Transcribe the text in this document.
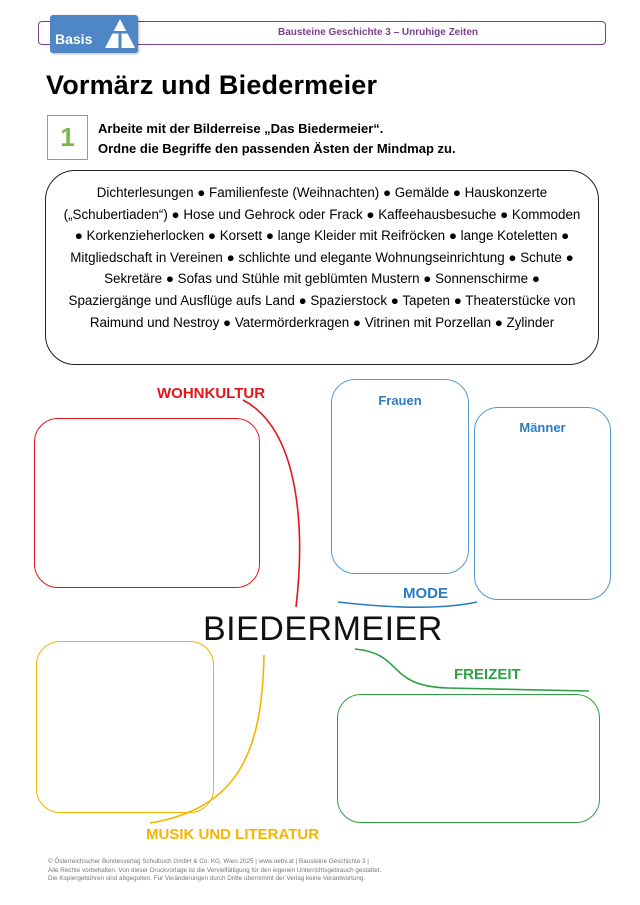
Bausteine Geschichte 3 – Unruhige Zeiten
Basis
Vormärz und Biedermeier
1	Arbeite mit der Bilderreise „Das Biedermeier“.
Ordne die Begriffe den passenden Ästen der Mindmap zu.
Dichterlesungen ● Familienfeste (Weihnachten) ● Gemälde ● Hauskonzerte („Schubertiaden“) ● Hose und Gehrock oder Frack ● Kaffeehausbesuche ● Kommoden ● Korkenzieherlocken ● Korsett ● lange Kleider mit Reifröcken ● lange Koteletten ● Mitgliedschaft in Vereinen ● schlichte und elegante Wohnungseinrichtung ● Schute ● Sekretäre ● Sofas und Stühle mit geblümten Mustern ● Sonnenschirme ● Spaziergänge und Ausflüge aufs Land ● Spazierstock ● Tapeten ● Theaterstücke von Raimund und Nestroy ● Vatermörderkragen ● Vitrinen mit Porzellan ● Zylinder
WOHNKULTUR	Frauen
Männer
MODE
FREIZEIT
MUSIK UND LITERATUR
BIEDERMEIER
© Österreichischer Bundesverlag Schulbuch GmbH & Co. KG, Wien 2025 | www.oebv.at | Bausteine Geschichte 3 |
Alle Rechte vorbehalten. Von dieser Druckvorlage ist die Vervielfältigung für den eigenen Unterrichtsgebrauch gestattet.
Die Kopiergebühren sind abgegolten. Für Veränderungen durch Dritte übernimmt der Verlag keine Verantwortung.
